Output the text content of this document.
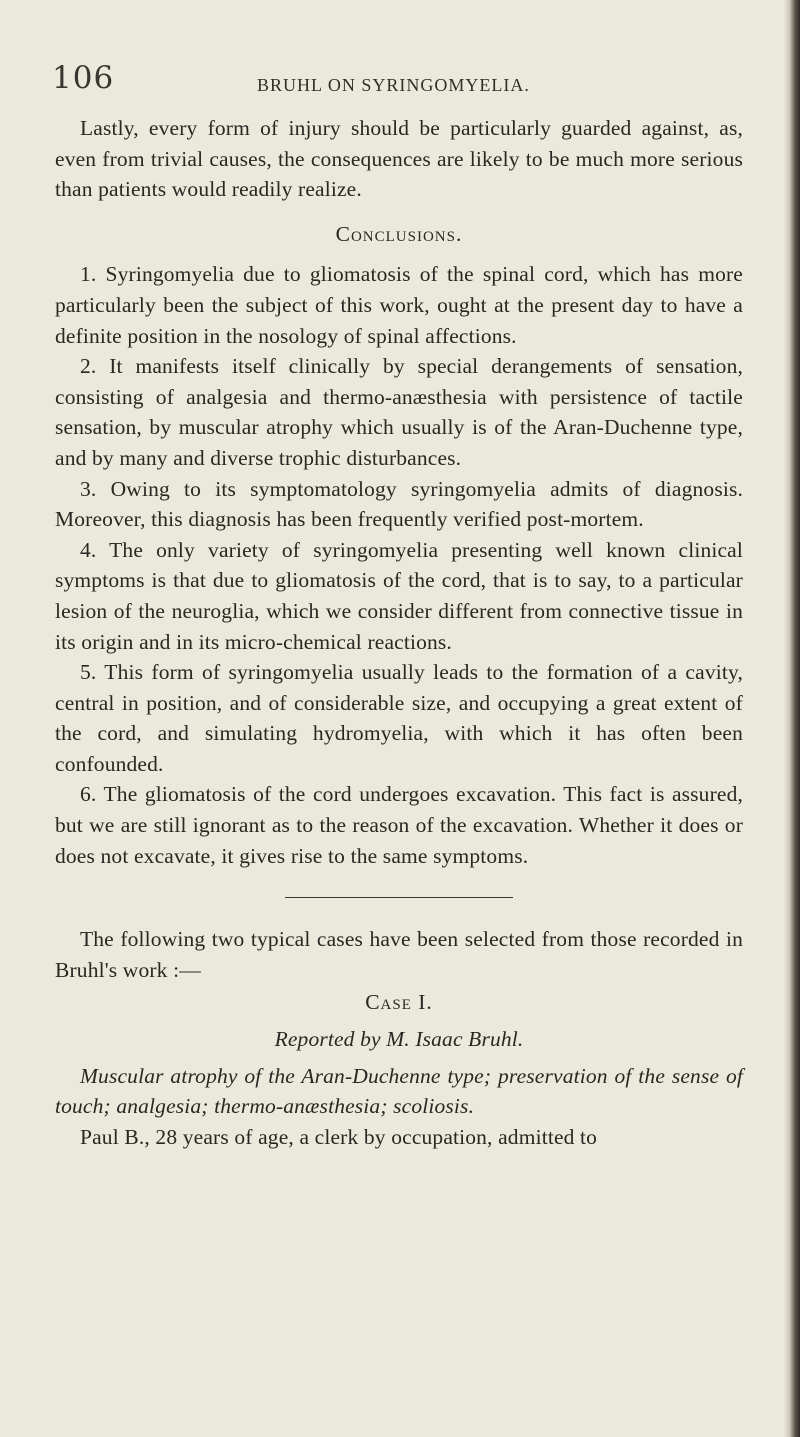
106	BRUHL ON SYRINGOMYELIA.

Lastly, every form of injury should be particularly guarded against, as, even from trivial causes, the consequences are likely to be much more serious than patients would readily realize.

Conclusions.

1. Syringomyelia due to gliomatosis of the spinal cord, which has more particularly been the subject of this work, ought at the present day to have a definite position in the nosology of spinal affections.

2. It manifests itself clinically by special derangements of sensation, consisting of analgesia and thermo-anæsthesia with persistence of tactile sensation, by muscular atrophy which usually is of the Aran-Duchenne type, and by many and diverse trophic disturbances.

3. Owing to its symptomatology syringomyelia admits of diagnosis. Moreover, this diagnosis has been frequently verified post-mortem.

4. The only variety of syringomyelia presenting well known clinical symptoms is that due to gliomatosis of the cord, that is to say, to a particular lesion of the neuroglia, which we consider different from connective tissue in its origin and in its micro-chemical reactions.

5. This form of syringomyelia usually leads to the formation of a cavity, central in position, and of considerable size, and occupying a great extent of the cord, and simulating hydromyelia, with which it has often been confounded.

6. The gliomatosis of the cord undergoes excavation. This fact is assured, but we are still ignorant as to the reason of the excavation. Whether it does or does not excavate, it gives rise to the same symptoms.

The following two typical cases have been selected from those recorded in Bruhl's work :—

Case I.

Reported by M. Isaac Bruhl.

Muscular atrophy of the Aran-Duchenne type; preservation of the sense of touch; analgesia; thermo-anæsthesia; scoliosis.

Paul B., 28 years of age, a clerk by occupation, admitted to
